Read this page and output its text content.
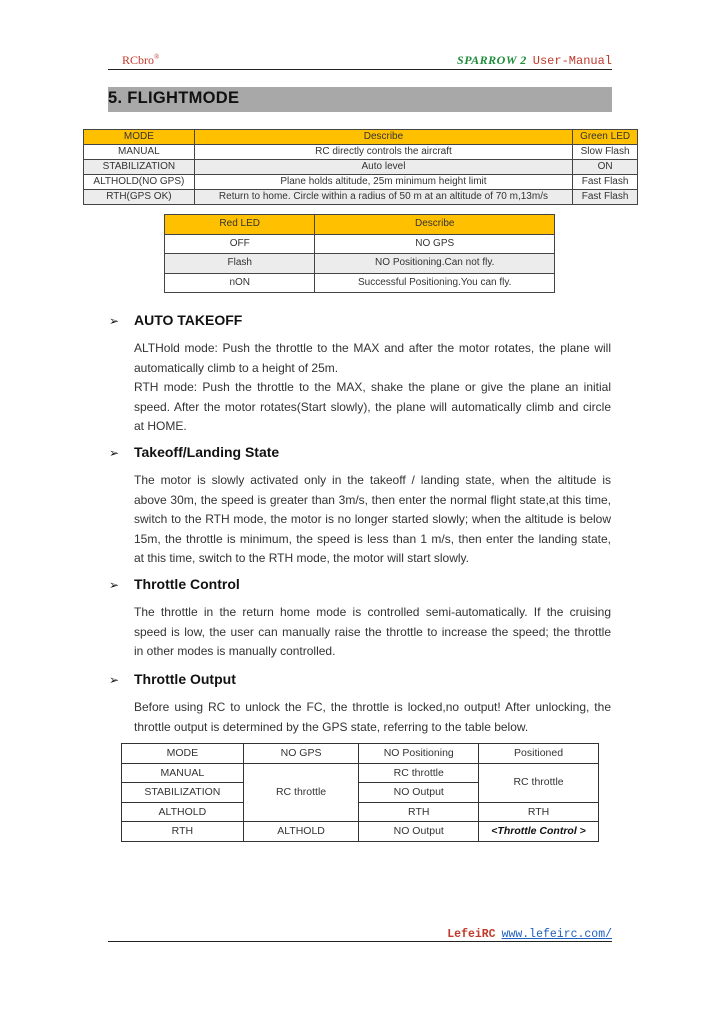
RCbro®	SPARROW 2 User-Manual
5. FLIGHTMODE
MODE	Describe	Green LED
MANUAL	RC directly controls the aircraft	Slow Flash
STABILIZATION	Auto level	ON
ALTHOLD(NO GPS)	Plane holds altitude, 25m minimum height limit	Fast Flash
RTH(GPS OK)	Return to home. Circle within a radius of 50 m at an altitude of 70 m,13m/s	Fast Flash
Red LED	Describe
OFF	NO GPS
Flash	NO Positioning.Can not fly.
nON	Successful Positioning.You can fly.
➢ AUTO TAKEOFF
ALTHold mode: Push the throttle to the MAX and after the motor rotates, the plane will
automatically climb to a height of 25m.
RTH mode: Push the throttle to the MAX, shake the plane or give the plane an initial
speed. After the motor rotates(Start slowly), the plane will automatically climb and circle
at HOME.
➢ Takeoff/Landing State
The motor is slowly activated only in the takeoff / landing state, when the altitude is
above 30m, the speed is greater than 3m/s, then enter the normal flight state,at this time,
switch to the RTH mode, the motor is no longer started slowly; when the altitude is below
15m, the throttle is minimum, the speed is less than 1 m/s, then enter the landing state,
at this time, switch to the RTH mode, the motor will start slowly.
➢ Throttle Control
The throttle in the return home mode is controlled semi-automatically. If the cruising
speed is low, the user can manually raise the throttle to increase the speed; the throttle
in other modes is manually controlled.
➢ Throttle Output
Before using RC to unlock the FC, the throttle is locked,no output! After unlocking, the
throttle output is determined by the GPS state, referring to the table below.
MODE	NO GPS	NO Positioning	Positioned
MANUAL	RC throttle	RC throttle	RC throttle
STABILIZATION		NO Output	
ALTHOLD		RTH	RTH
RTH	ALTHOLD	NO Output	<Throttle Control >
LefeiRC www.lefeirc.com/
